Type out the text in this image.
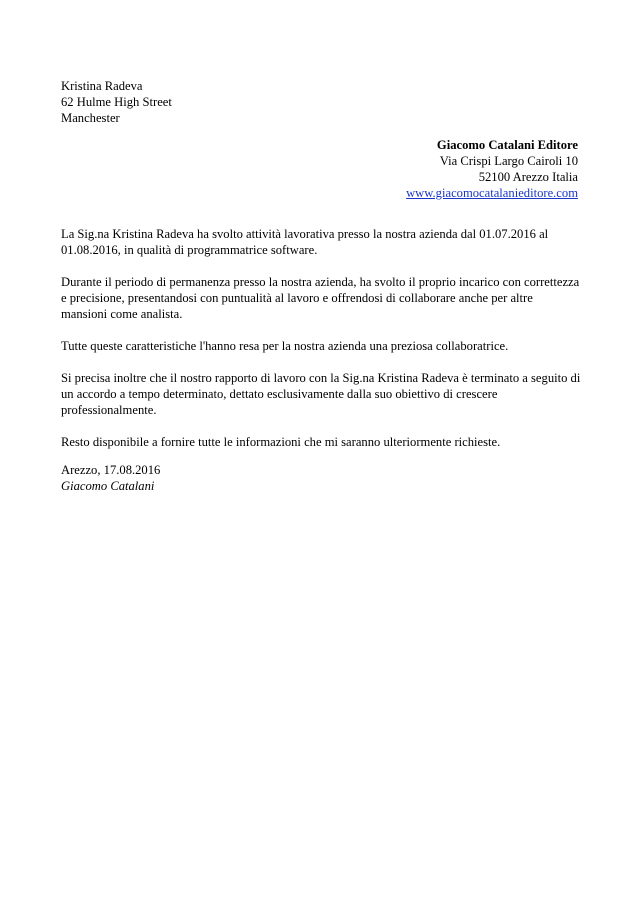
Kristina Radeva
62 Hulme High Street
Manchester
Giacomo Catalani Editore
Via Crispi Largo Cairoli 10
52100 Arezzo Italia
www.giacomocatalanieditore.com

La Sig.na Kristina Radeva ha svolto attività lavorativa presso la nostra azienda dal 01.07.2016 al 01.08.2016, in qualità di programmatrice software.

Durante il periodo di permanenza presso la nostra azienda, ha svolto il proprio incarico con correttezza e precisione, presentandosi con puntualità al lavoro e offrendosi di collaborare anche per altre mansioni come analista.

Tutte queste caratteristiche l'hanno resa per la nostra azienda una preziosa collaboratrice.

Si precisa inoltre che il nostro rapporto di lavoro con la Sig.na Kristina Radeva è terminato a seguito di un accordo a tempo determinato, dettato esclusivamente dalla suo obiettivo di crescere professionalmente.

Resto disponibile a fornire tutte le informazioni che mi saranno ulteriormente richieste.

Arezzo, 17.08.2016
Giacomo Catalani
